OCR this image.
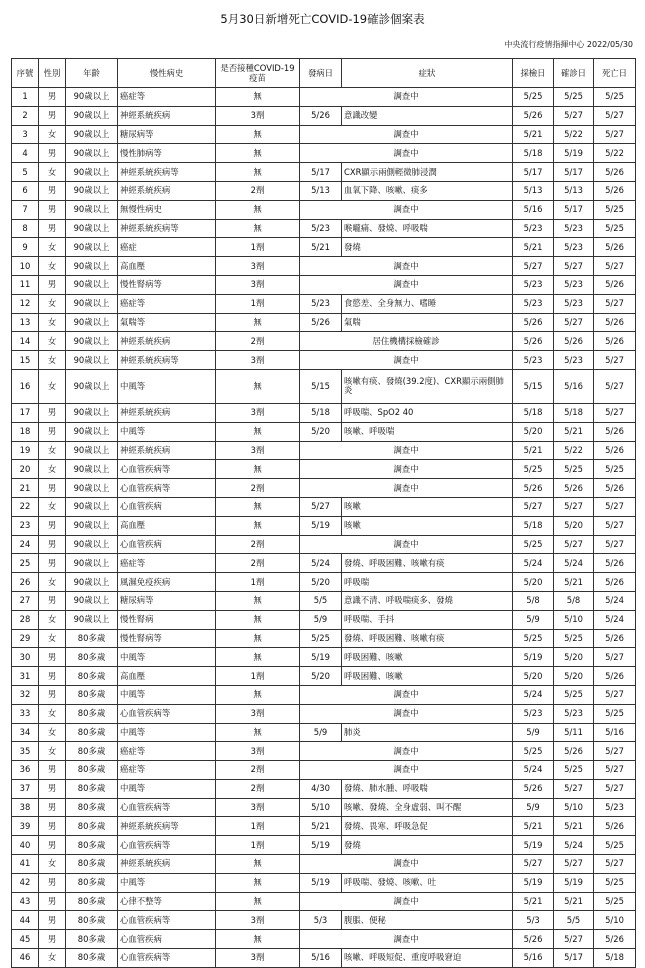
5月30日新增死亡COVID-19確診個案表
中央流行疫情指揮中心 2022/05/30
序號	性別	年齡	慢性病史	是否接種COVID-19疫苗	發病日	症狀	採檢日	確診日	死亡日
1	男	90歲以上	癌症等	無	調查中		5/25	5/25	5/25
2	男	90歲以上	神經系統疾病	3劑	5/26	意識改變	5/26	5/27	5/27
3	女	90歲以上	糖尿病等	無	調查中		5/21	5/22	5/27
4	男	90歲以上	慢性肺病等	無	調查中		5/18	5/19	5/22
5	女	90歲以上	神經系統疾病等	無	5/17	CXR顯示兩側輕微肺浸潤	5/17	5/17	5/26
6	男	90歲以上	神經系統疾病	2劑	5/13	血氧下降、咳嗽、痰多	5/13	5/13	5/26
7	男	90歲以上	無慢性病史	無	調查中		5/16	5/17	5/25
8	男	90歲以上	神經系統疾病等	無	5/23	喉嚨痛、發燒、呼吸喘	5/23	5/23	5/25
9	女	90歲以上	癌症	1劑	5/21	發燒	5/21	5/23	5/26
10	女	90歲以上	高血壓	3劑	調查中		5/27	5/27	5/27
11	男	90歲以上	慢性腎病等	3劑	調查中		5/23	5/23	5/26
12	女	90歲以上	癌症等	1劑	5/23	食慾差、全身無力、嗜睡	5/23	5/23	5/27
13	女	90歲以上	氣喘等	無	5/26	氣喘	5/26	5/27	5/26
14	女	90歲以上	神經系統疾病	2劑	居住機構採檢確診		5/26	5/26	5/26
15	女	90歲以上	神經系統疾病等	3劑	調查中		5/23	5/23	5/27
16	女	90歲以上	中風等	無	5/15	咳嗽有痰、發燒(39.2度)、CXR顯示兩側肺炎	5/15	5/16	5/27
17	男	90歲以上	神經系統疾病	3劑	5/18	呼吸喘、SpO2 40	5/18	5/18	5/27
18	男	90歲以上	中風等	無	5/20	咳嗽、呼吸喘	5/20	5/21	5/26
19	女	90歲以上	神經系統疾病	3劑	調查中		5/21	5/22	5/26
20	女	90歲以上	心血管疾病等	無	調查中		5/25	5/25	5/25
21	男	90歲以上	心血管疾病等	2劑	調查中		5/26	5/26	5/26
22	女	90歲以上	心血管疾病	無	5/27	咳嗽	5/27	5/27	5/27
23	男	90歲以上	高血壓	無	5/19	咳嗽	5/18	5/20	5/27
24	男	90歲以上	心血管疾病	2劑	調查中		5/25	5/27	5/27
25	男	90歲以上	癌症等	2劑	5/24	發燒、呼吸困難、咳嗽有痰	5/24	5/24	5/26
26	女	90歲以上	風濕免疫疾病	1劑	5/20	呼吸喘	5/20	5/21	5/26
27	男	90歲以上	糖尿病等	無	5/5	意識不清、呼吸喘痰多、發燒	5/8	5/8	5/24
28	女	90歲以上	慢性腎病	無	5/9	呼吸喘、手抖	5/9	5/10	5/24
29	女	80多歲	慢性腎病等	無	5/25	發燒、呼吸困難、咳嗽有痰	5/25	5/25	5/26
30	男	80多歲	中風等	無	5/19	呼吸困難、咳嗽	5/19	5/20	5/27
31	男	80多歲	高血壓	1劑	5/20	呼吸困難、咳嗽	5/20	5/20	5/26
32	男	80多歲	中風等	無	調查中		5/24	5/25	5/27
33	女	80多歲	心血管疾病等	3劑	調查中		5/23	5/23	5/25
34	女	80多歲	中風等	無	5/9	肺炎	5/9	5/11	5/16
35	女	80多歲	癌症等	3劑	調查中		5/25	5/26	5/27
36	男	80多歲	癌症等	2劑	調查中		5/24	5/25	5/27
37	男	80多歲	中風等	2劑	4/30	發燒、肺水腫、呼吸喘	5/26	5/27	5/27
38	男	80多歲	心血管疾病等	3劑	5/10	咳嗽、發燒、全身虛弱、叫不醒	5/9	5/10	5/23
39	男	80多歲	神經系統疾病等	1劑	5/21	發燒、畏寒、呼吸急促	5/21	5/21	5/26
40	男	80多歲	心血管疾病等	1劑	5/19	發燒	5/19	5/24	5/25
41	女	80多歲	神經系統疾病	無	調查中		5/27	5/27	5/27
42	男	80多歲	中風等	無	5/19	呼吸喘、發燒、咳嗽、吐	5/19	5/19	5/25
43	男	80多歲	心律不整等	無	調查中		5/21	5/21	5/25
44	男	80多歲	心血管疾病等	3劑	5/3	腹脹、便秘	5/3	5/5	5/10
45	男	80多歲	心血管疾病	無	調查中		5/26	5/27	5/26
46	女	80多歲	心血管疾病等	3劑	5/16	咳嗽、呼吸短促、重度呼吸窘迫	5/16	5/17	5/18
